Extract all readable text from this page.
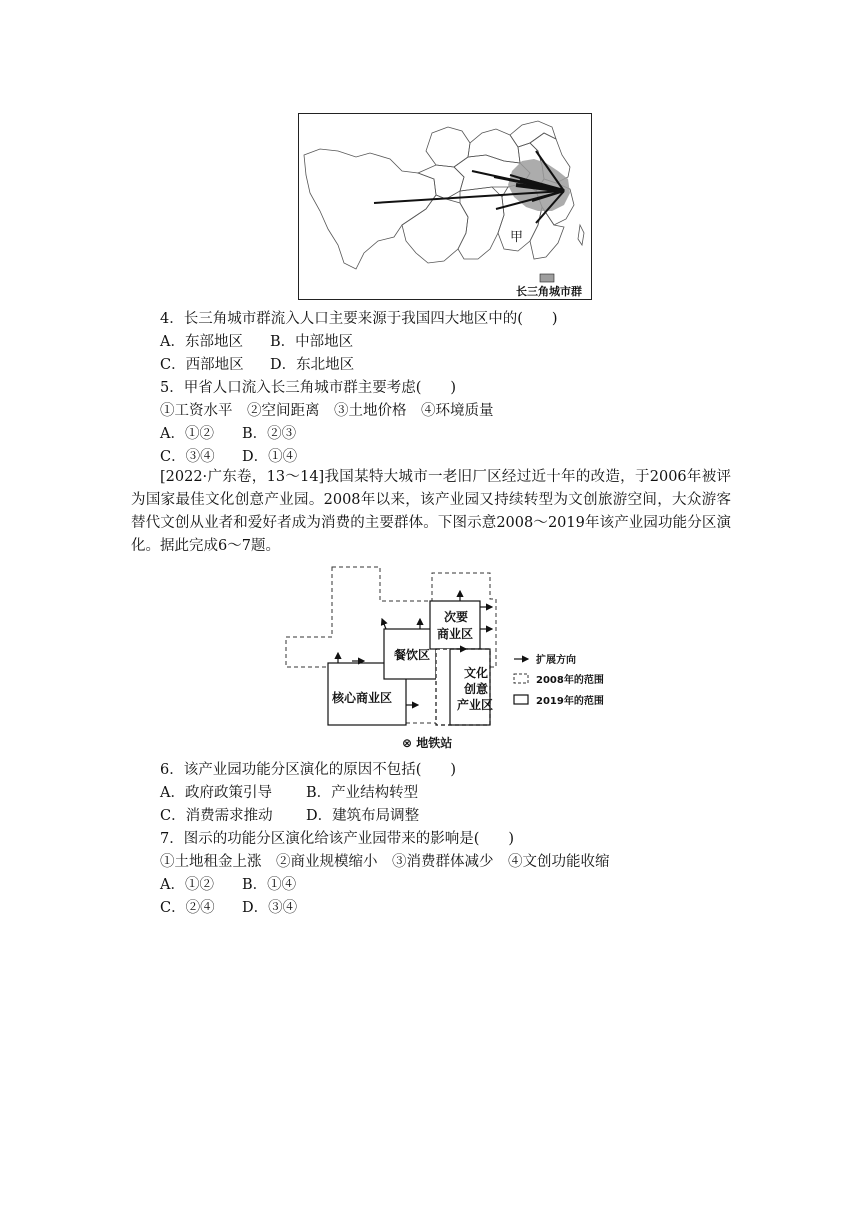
甲
长三角城市群
4．长三角城市群流入人口主要来源于我国四大地区中的(　　)
A．东部地区 B．中部地区
C．西部地区 D．东北地区
5．甲省人口流入长三角城市群主要考虑(　　)
①工资水平　②空间距离　③土地价格　④环境质量
A．①② B．②③
C．③④ D．①④
[2022·广东卷，13～14]我国某特大城市一老旧厂区经过近十年的改造，于2006年被评为国家最佳文化创意产业园。2008年以来，该产业园又持续转型为文创旅游空间，大众游客替代文创从业者和爱好者成为消费的主要群体。下图示意2008～2019年该产业园功能分区演化。据此完成6～7题。
餐饮区
次要
商业区
核心商业区
文化
创意
产业区
扩展方向
2008年的范围
2019年的范围
⊗ 地铁站
6．该产业园功能分区演化的原因不包括(　　)
A．政府政策引导 B．产业结构转型
C．消费需求推动 D．建筑布局调整
7．图示的功能分区演化给该产业园带来的影响是(　　)
①土地租金上涨　②商业规模缩小　③消费群体减少　④文创功能收缩
A．①② B．①④
C．②④ D．③④
